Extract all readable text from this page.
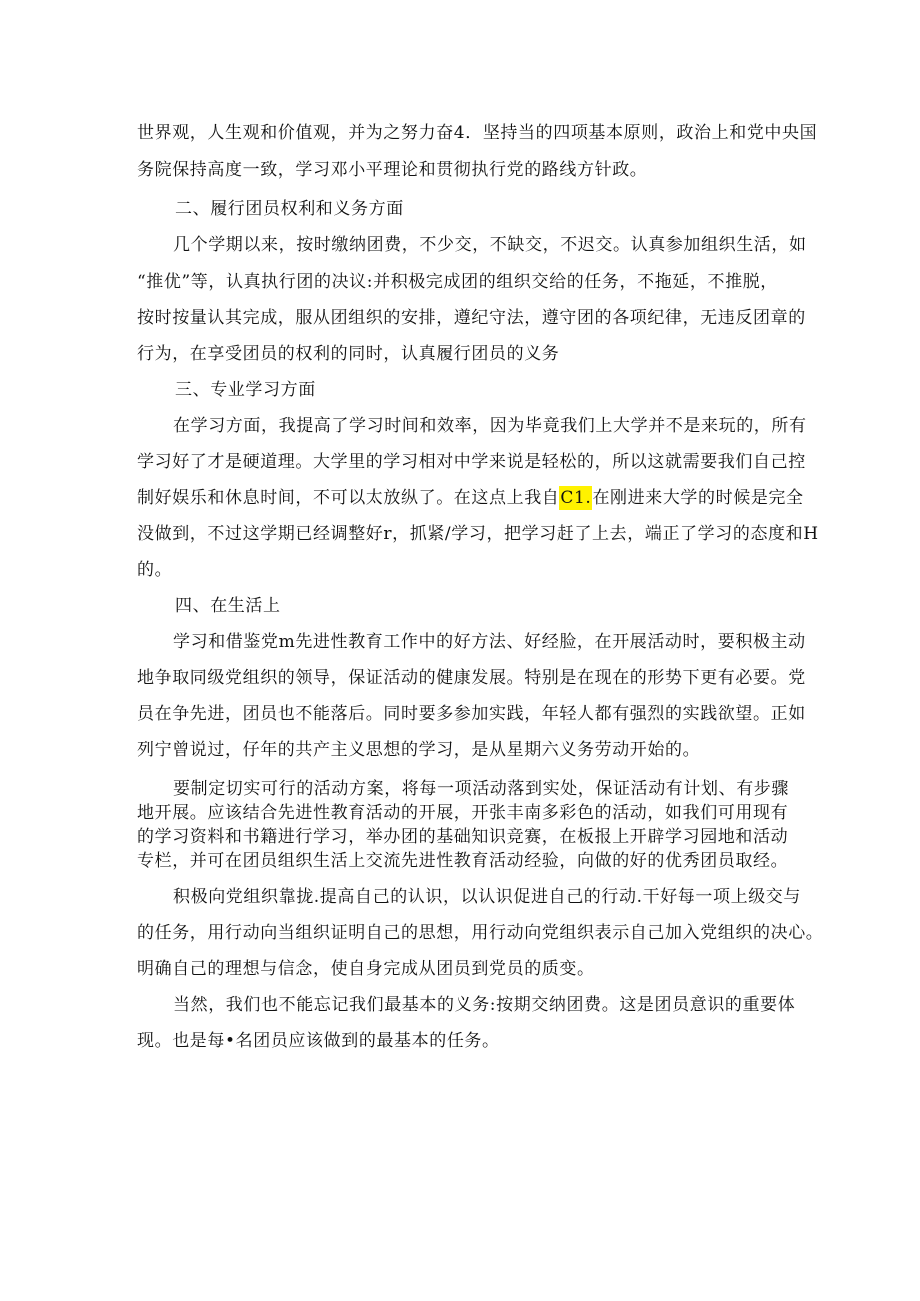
世界观，人生观和价值观，并为之努力奋4．坚持当的四项基本原则，政治上和党中央国
务院保持高度一致，学习邓小平理论和贯彻执行党的路线方针政。
二、履行团员权利和义务方面
几个学期以来，按时缴纳团费，不少交，不缺交，不迟交。认真参加组织生活，如
“推优”等，认真执行团的决议:并积极完成团的组织交给的任务，不拖延，不推脱，
按时按量认其完成，服从团组织的安排，遵纪守法，遵守团的各项纪律，无违反团章的
行为，在享受团员的权利的同时，认真履行团员的义务
三、专业学习方面
在学习方面，我提高了学习时间和效率，因为毕竟我们上大学并不是来玩的，所有
学习好了才是硬道理。大学里的学习相对中学来说是轻松的，所以这就需要我们自己控
制好娱乐和休息时间，不可以太放纵了。在这点上我自C1.在刚进来大学的时候是完全
没做到，不过这学期已经调整好r，抓紧/学习，把学习赶了上去，端正了学习的态度和H
的。
四、在生活上
学习和借鉴党m先进性教育工作中的好方法、好经脸，在开展活动时，要积极主动
地争取同级党组织的领导，保证活动的健康发展。特别是在现在的形势下更有必要。党
员在争先进，团员也不能落后。同时要多参加实践，年轻人都有强烈的实践欲望。正如
列宁曾说过，仔年的共产主义思想的学习，是从星期六义务劳动开始的。
要制定切实可行的活动方案，将每一项活动落到实处，保证活动有计划、有步骤
地开展。应该结合先进性教育活动的开展，开张丰南多彩色的活动，如我们可用现有
的学习资料和书籍进行学习，举办团的基础知识竞赛，在板报上开辟学习园地和活动
专栏，并可在团员组织生活上交流先进性教育活动经验，向做的好的优秀团员取经。
积极向党组织靠拢.提高自己的认识，以认识促进自己的行动.干好每一项上级交与
的任务，用行动向当组织证明自己的思想，用行动向党组织表示自己加入党组织的决心。
明确自己的理想与信念，使自身完成从团员到党员的质变。
当然，我们也不能忘记我们最基本的义务:按期交纳团费。这是团员意识的重要体
现。也是每•名团员应该做到的最基本的任务。
